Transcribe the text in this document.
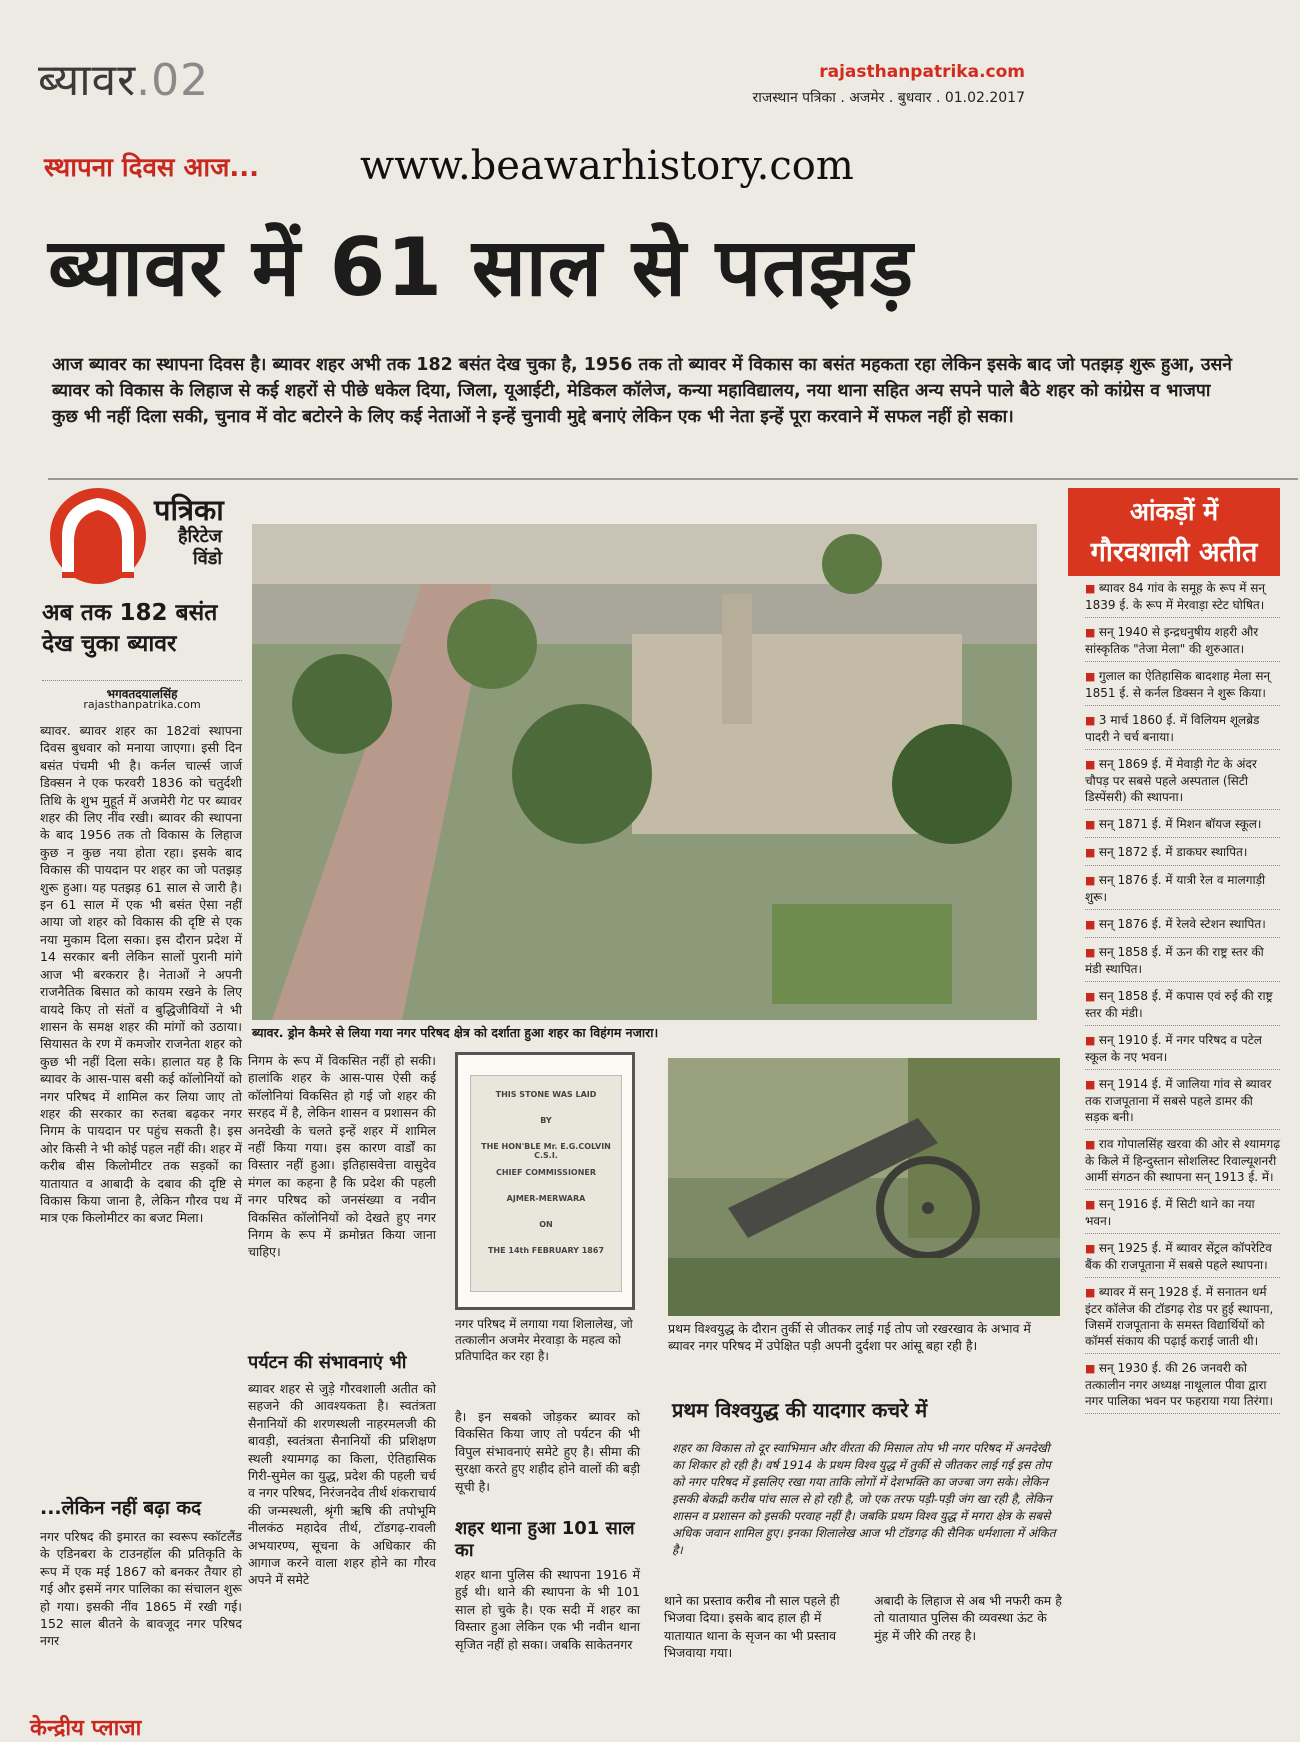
ब्यावर.02	rajasthanpatrika.com
राजस्थान पत्रिका . अजमेर . बुधवार . 01.02.2017
स्थापना दिवस आज...	www.beawarhistory.com
ब्यावर में 61 साल से पतझड़
आज ब्यावर का स्थापना दिवस है। ब्यावर शहर अभी तक 182 बसंत देख चुका है, 1956 तक तो ब्यावर में विकास का बसंत महकता रहा लेकिन इसके बाद जो पतझड़ शुरू हुआ, उसने ब्यावर को विकास के लिहाज से कई शहरों से पीछे धकेल दिया, जिला, यूआईटी, मेडिकल कॉलेज, कन्या महाविद्यालय, नया थाना सहित अन्य सपने पाले बैठे शहर को कांग्रेस व भाजपा कुछ भी नहीं दिला सकी, चुनाव में वोट बटोरने के लिए कई नेताओं ने इन्हें चुनावी मुद्दे बनाएं लेकिन एक भी नेता इन्हें पूरा करवाने में सफल नहीं हो सका।
पत्रिका
हैरिटेज
विंडो
अब तक 182 बसंत देख चुका ब्यावर
भगवतदयालसिंह
rajasthanpatrika.com
ब्यावर. ब्यावर शहर का 182वां स्थापना दिवस बुधवार को मनाया जाएगा। इसी दिन बसंत पंचमी भी है। कर्नल चार्ल्स जार्ज डिक्सन ने एक फरवरी 1836 को चतुर्दशी तिथि के शुभ मुहूर्त में अजमेरी गेट पर ब्यावर शहर की लिए नींव रखी। ब्यावर की स्थापना के बाद 1956 तक तो विकास के लिहाज कुछ न कुछ नया होता रहा। इसके बाद विकास की पायदान पर शहर का जो पतझड़ शुरू हुआ। यह पतझड़ 61 साल से जारी है। इन 61 साल में एक भी बसंत ऐसा नहीं आया जो शहर को विकास की दृष्टि से एक नया मुकाम दिला सका। इस दौरान प्रदेश में 14 सरकार बनी लेकिन सालों पुरानी मांगे आज भी बरकरार है। नेताओं ने अपनी राजनैतिक बिसात को कायम रखने के लिए वायदे किए तो संतों व बुद्धिजीवियों ने भी शासन के समक्ष शहर की मांगों को उठाया। सियासत के रण में कमजोर राजनेता शहर को कुछ भी नहीं दिला सके। हालात यह है कि ब्यावर के आस-पास बसी कई कॉलोनियों को नगर परिषद में शामिल कर लिया जाए तो शहर की सरकार का रुतबा बढ़कर नगर निगम के पायदान पर पहुंच सकती है। इस ओर किसी ने भी कोई पहल नहीं की। शहर में करीब बीस किलोमीटर तक सड़कों का यातायात व आबादी के दबाव की दृष्टि से विकास किया जाना है, लेकिन गौरव पथ में मात्र एक किलोमीटर का बजट मिला।
...लेकिन नहीं बढ़ा कद
नगर परिषद की इमारत का स्वरूप स्कॉटलैंड के एडिनबरा के टाउनहॉल की प्रतिकृति के रूप में एक मई 1867 को बनकर तैयार हो गई और इसमें नगर पालिका का संचालन शुरू हो गया। इसकी नींव 1865 में रखी गई। 152 साल बीतने के बावजूद नगर परिषद नगर
ब्यावर. ड्रोन कैमरे से लिया गया नगर परिषद क्षेत्र को दर्शाता हुआ शहर का विहंगम नजारा।
निगम के रूप में विकसित नहीं हो सकी। हालांकि शहर के आस-पास ऐसी कई कॉलोनियां विकसित हो गई जो शहर की सरहद में है, लेकिन शासन व प्रशासन की अनदेखी के चलते इन्हें शहर में शामिल नहीं किया गया। इस कारण वार्डों का विस्तार नहीं हुआ। इतिहासवेत्ता वासुदेव मंगल का कहना है कि प्रदेश की पहली नगर परिषद को जनसंख्या व नवीन विकसित कॉलोनियों को देखते हुए नगर निगम के रूप में क्रमोन्नत किया जाना चाहिए।
पर्यटन की संभावनाएं भी
ब्यावर शहर से जुड़े गौरवशाली अतीत को सहजने की आवश्यकता है। स्वतंत्रता सैनानियों की शरणस्थली नाहरमलजी की बावड़ी, स्वतंत्रता सैनानियों की प्रशिक्षण स्थली श्यामगढ़ का किला, ऐतिहासिक गिरी-सुमेल का युद्ध, प्रदेश की पहली चर्च व नगर परिषद, निरंजनदेव तीर्थ शंकराचार्य की जन्मस्थली, श्रृंगी ऋषि की तपोभूमि नीलकंठ महादेव तीर्थ, टॉडगढ़-रावली अभयारण्य, सूचना के अधिकार की आगाज करने वाला शहर होने का गौरव अपने में समेटे
THIS STONE WAS LAID
BY
THE HON'BLE Mr. E.G.COLVIN C.S.I.
CHIEF COMMISSIONER
AJMER-MERWARA
ON
THE 14th FEBRUARY 1867
नगर परिषद में लगाया गया शिलालेख, जो तत्कालीन अजमेर मेरवाड़ा के महत्व को प्रतिपादित कर रहा है।
है। इन सबको जोड़कर ब्यावर को विकसित किया जाए तो पर्यटन की भी विपुल संभावनाएं समेटे हुए है। सीमा की सुरक्षा करते हुए शहीद होने वालों की बड़ी सूची है।
शहर थाना हुआ 101 साल का
शहर थाना पुलिस की स्थापना 1916 में हुई थी। थाने की स्थापना के भी 101 साल हो चुके है। एक सदी में शहर का विस्तार हुआ लेकिन एक भी नवीन थाना सृजित नहीं हो सका। जबकि साकेतनगर
प्रथम विश्वयुद्ध के दौरान तुर्की से जीतकर लाई गई तोप जो रखरखाव के अभाव में ब्यावर नगर परिषद में उपेक्षित पड़ी अपनी दुर्दशा पर आंसू बहा रही है।
प्रथम विश्वयुद्ध की यादगार कचरे में
शहर का विकास तो दूर स्वाभिमान और वीरता की मिसाल तोप भी नगर परिषद में अनदेखी का शिकार हो रही है। वर्ष 1914 के प्रथम विश्व युद्ध में तुर्की से जीतकर लाई गई इस तोप को नगर परिषद में इसलिए रखा गया ताकि लोगों में देशभक्ति का जज्बा जग सके। लेकिन इसकी बेकद्री करीब पांच साल से हो रही है, जो एक तरफ पड़ी-पड़ी जंग खा रही है, लेकिन शासन व प्रशासन को इसकी परवाह नहीं है। जबकि प्रथम विश्व युद्ध में मगरा क्षेत्र के सबसे अधिक जवान शामिल हुए। इनका शिलालेख आज भी टॉडगढ़ की सैनिक धर्मशाला में अंकित है।
थाने का प्रस्ताव करीब नौ साल पहले ही भिजवा दिया। इसके बाद हाल ही में यातायात थाना के सृजन का भी प्रस्ताव भिजवाया गया।
अबादी के लिहाज से अब भी नफरी कम है तो यातायात पुलिस की व्यवस्था ऊंट के मुंह में जीरे की तरह है।
आंकड़ों में
गौरवशाली अतीत
■ ब्यावर 84 गांव के समूह के रूप में सन् 1839 ई. के रूप में मेरवाड़ा स्टेट घोषित।
■ सन् 1940 से इन्द्रधनुषीय शहरी और सांस्कृतिक "तेजा मेला" की शुरुआत।
■ गुलाल का ऐतिहासिक बादशाह मेला सन् 1851 ई. से कर्नल डिक्सन ने शुरू किया।
■ 3 मार्च 1860 ई. में विलियम शूलब्रेड पादरी ने चर्च बनाया।
■ सन् 1869 ई. में मेवाड़ी गेट के अंदर चौपड़ पर सबसे पहले अस्पताल (सिटी डिस्पेंसरी) की स्थापना।
■ सन् 1871 ई. में मिशन बॉयज स्कूल।
■ सन् 1872 ई. में डाकघर स्थापित।
■ सन् 1876 ई. में यात्री रेल व मालगाड़ी शुरू।
■ सन् 1876 ई. में रेलवे स्टेशन स्थापित।
■ सन् 1858 ई. में ऊन की राष्ट्र स्तर की मंडी स्थापित।
■ सन् 1858 ई. में कपास एवं रुई की राष्ट्र स्तर की मंडी।
■ सन् 1910 ई. में नगर परिषद व पटेल स्कूल के नए भवन।
■ सन् 1914 ई. में जालिया गांव से ब्यावर तक राजपूताना में सबसे पहले डामर की सड़क बनी।
■ राव गोपालसिंह खरवा की ओर से श्यामगढ़ के किले में हिन्दुस्तान सोशलिस्ट रिवाल्यूशनरी आर्मी संगठन की स्थापना सन् 1913 ई. में।
■ सन् 1916 ई. में सिटी थाने का नया भवन।
■ सन् 1925 ई. में ब्यावर सेंट्रल कॉपरेटिव बैंक की राजपूताना में सबसे पहले स्थापना।
■ ब्यावर में सन् 1928 ई. में सनातन धर्म इंटर कॉलेज की टॉडगढ़ रोड पर हुई स्थापना, जिसमें राजपूताना के समस्त विद्यार्थियों को कॉमर्स संकाय की पढ़ाई कराई जाती थी।
■ सन् 1930 ई. की 26 जनवरी को तत्कालीन नगर अध्यक्ष नाथूलाल पीवा द्वारा नगर पालिका भवन पर फहराया गया तिरंगा।
केन्द्रीय प्लाजा
